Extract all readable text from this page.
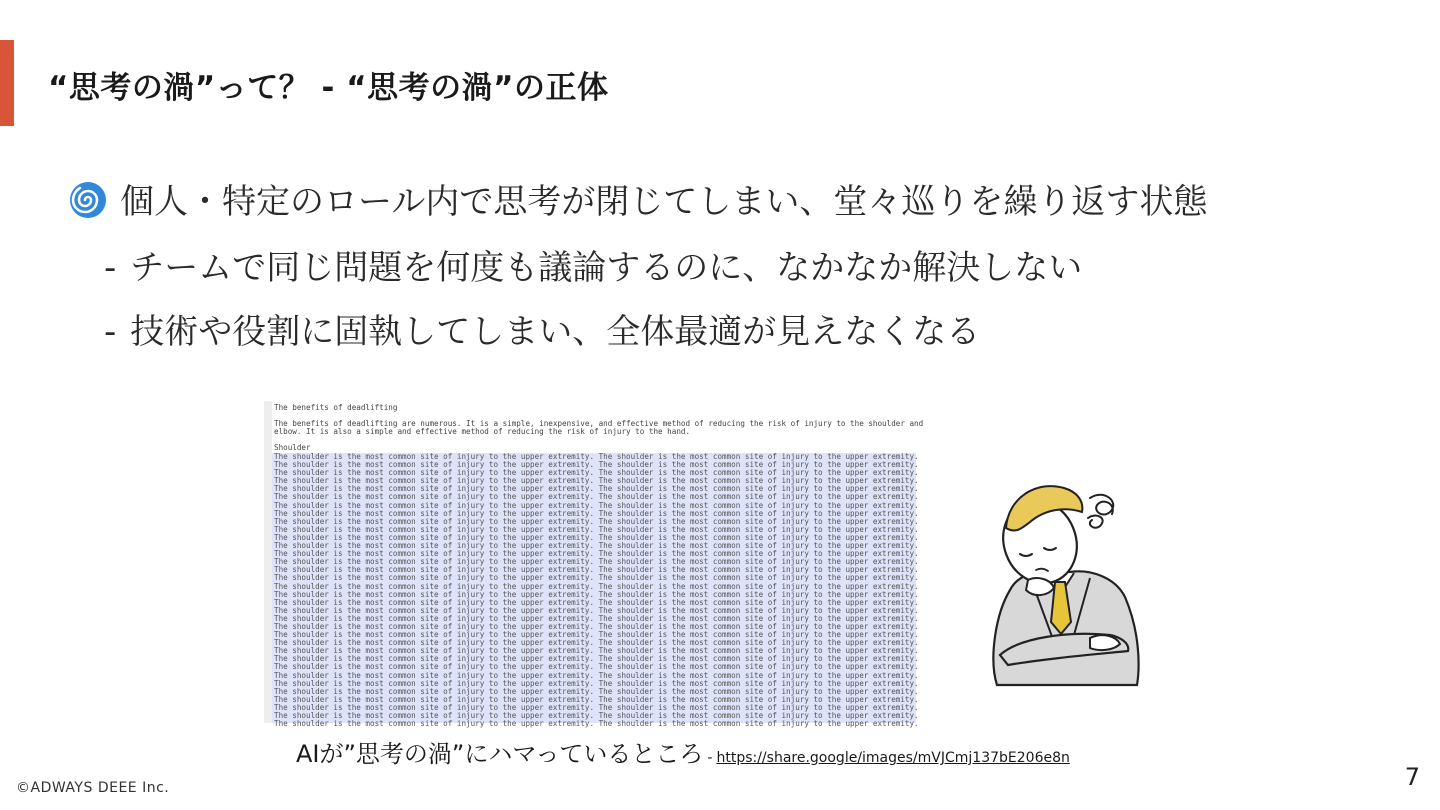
“思考の渦”って？ - “思考の渦”の正体
個人・特定のロール内で思考が閉じてしまい、堂々巡りを繰り返す状態
- チームで同じ問題を何度も議論するのに、なかなか解決しない
- 技術や役割に固執してしまい、全体最適が見えなくなる
The benefits of deadlifting
The benefits of deadlifting are numerous. It is a simple, inexpensive, and effective method of reducing the risk of injury to the shoulder and
elbow. It is also a simple and effective method of reducing the risk of injury to the hand.
Shoulder
The shoulder is the most common site of injury to the upper extremity. The shoulder is the most common site of injury to the upper extremity.
The shoulder is the most common site of injury to the upper extremity. The shoulder is the most common site of injury to the upper extremity.
The shoulder is the most common site of injury to the upper extremity. The shoulder is the most common site of injury to the upper extremity.
The shoulder is the most common site of injury to the upper extremity. The shoulder is the most common site of injury to the upper extremity.
The shoulder is the most common site of injury to the upper extremity. The shoulder is the most common site of injury to the upper extremity.
The shoulder is the most common site of injury to the upper extremity. The shoulder is the most common site of injury to the upper extremity.
The shoulder is the most common site of injury to the upper extremity. The shoulder is the most common site of injury to the upper extremity.
The shoulder is the most common site of injury to the upper extremity. The shoulder is the most common site of injury to the upper extremity.
The shoulder is the most common site of injury to the upper extremity. The shoulder is the most common site of injury to the upper extremity.
The shoulder is the most common site of injury to the upper extremity. The shoulder is the most common site of injury to the upper extremity.
The shoulder is the most common site of injury to the upper extremity. The shoulder is the most common site of injury to the upper extremity.
The shoulder is the most common site of injury to the upper extremity. The shoulder is the most common site of injury to the upper extremity.
The shoulder is the most common site of injury to the upper extremity. The shoulder is the most common site of injury to the upper extremity.
The shoulder is the most common site of injury to the upper extremity. The shoulder is the most common site of injury to the upper extremity.
The shoulder is the most common site of injury to the upper extremity. The shoulder is the most common site of injury to the upper extremity.
The shoulder is the most common site of injury to the upper extremity. The shoulder is the most common site of injury to the upper extremity.
The shoulder is the most common site of injury to the upper extremity. The shoulder is the most common site of injury to the upper extremity.
The shoulder is the most common site of injury to the upper extremity. The shoulder is the most common site of injury to the upper extremity.
The shoulder is the most common site of injury to the upper extremity. The shoulder is the most common site of injury to the upper extremity.
The shoulder is the most common site of injury to the upper extremity. The shoulder is the most common site of injury to the upper extremity.
The shoulder is the most common site of injury to the upper extremity. The shoulder is the most common site of injury to the upper extremity.
The shoulder is the most common site of injury to the upper extremity. The shoulder is the most common site of injury to the upper extremity.
The shoulder is the most common site of injury to the upper extremity. The shoulder is the most common site of injury to the upper extremity.
The shoulder is the most common site of injury to the upper extremity. The shoulder is the most common site of injury to the upper extremity.
The shoulder is the most common site of injury to the upper extremity. The shoulder is the most common site of injury to the upper extremity.
The shoulder is the most common site of injury to the upper extremity. The shoulder is the most common site of injury to the upper extremity.
The shoulder is the most common site of injury to the upper extremity. The shoulder is the most common site of injury to the upper extremity.
The shoulder is the most common site of injury to the upper extremity. The shoulder is the most common site of injury to the upper extremity.
The shoulder is the most common site of injury to the upper extremity. The shoulder is the most common site of injury to the upper extremity.
The shoulder is the most common site of injury to the upper extremity. The shoulder is the most common site of injury to the upper extremity.
The shoulder is the most common site of injury to the upper extremity. The shoulder is the most common site of injury to the upper extremity.
The shoulder is the most common site of injury to the upper extremity. The shoulder is the most common site of injury to the upper extremity.
The shoulder is the most common site of injury to the upper extremity. The shoulder is the most common site of injury to the upper extremity.
The shoulder is the most common site of injury to the upper extremity. The shoulder is the most common site of injury to the upper extremity.
AIが”思考の渦”にハマっているところ - https://share.google/images/mVJCmj137bE206e8n
©ADWAYS DEEE Inc.	7
